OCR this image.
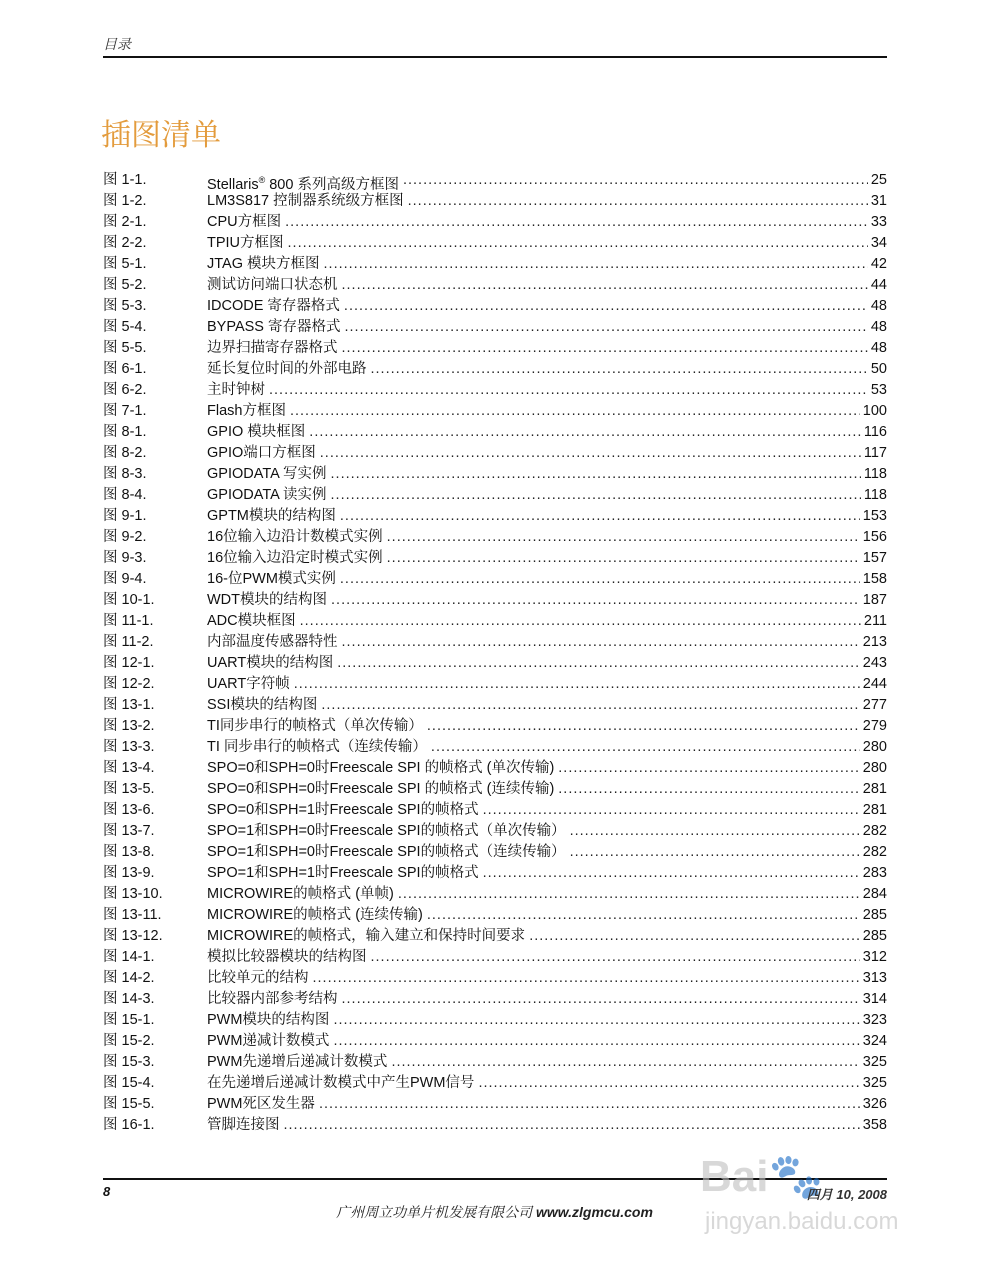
目录
插图清单
图 1-1.	Stellaris® 800 系列高级方框图 .....	25
图 1-2.	LM3S817 控制器系统级方框图 .....	31
图 2-1.	CPU方框图 .....	33
图 2-2.	TPIU方框图 .....	34
图 5-1.	JTAG 模块方框图 .....	42
图 5-2.	测试访问端口状态机 .....	44
图 5-3.	IDCODE 寄存器格式 .....	48
图 5-4.	BYPASS 寄存器格式 .....	48
图 5-5.	边界扫描寄存器格式 .....	48
图 6-1.	延长复位时间的外部电路 .....	50
图 6-2.	主时钟树 .....	53
图 7-1.	Flash方框图 .....	100
图 8-1.	GPIO 模块框图 .....	116
图 8-2.	GPIO端口方框图 .....	117
图 8-3.	GPIODATA 写实例 .....	118
图 8-4.	GPIODATA 读实例 .....	118
图 9-1.	GPTM模块的结构图 .....	153
图 9-2.	16位输入边沿计数模式实例 .....	156
图 9-3.	16位输入边沿定时模式实例 .....	157
图 9-4.	16-位PWM模式实例 .....	158
图 10-1.	WDT模块的结构图 .....	187
图 11-1.	ADC模块框图 .....	211
图 11-2.	内部温度传感器特性 .....	213
图 12-1.	UART模块的结构图 .....	243
图 12-2.	UART字符帧 .....	244
图 13-1.	SSI模块的结构图 .....	277
图 13-2.	TI同步串行的帧格式（单次传输） .....	279
图 13-3.	TI 同步串行的帧格式（连续传输） .....	280
图 13-4.	SPO=0和SPH=0时Freescale SPI 的帧格式 (单次传输) .....	280
图 13-5.	SPO=0和SPH=0时Freescale SPI 的帧格式 (连续传输) .....	281
图 13-6.	SPO=0和SPH=1时Freescale SPI的帧格式 .....	281
图 13-7.	SPO=1和SPH=0时Freescale SPI的帧格式（单次传输） .....	282
图 13-8.	SPO=1和SPH=0时Freescale SPI的帧格式（连续传输） .....	282
图 13-9.	SPO=1和SPH=1时Freescale SPI的帧格式 .....	283
图 13-10.	MICROWIRE的帧格式 (单帧) .....	284
图 13-11.	MICROWIRE的帧格式 (连续传输) .....	285
图 13-12.	MICROWIRE的帧格式，输入建立和保持时间要求 .....	285
图 14-1.	模拟比较器模块的结构图 .....	312
图 14-2.	比较单元的结构 .....	313
图 14-3.	比较器内部参考结构 .....	314
图 15-1.	PWM模块的结构图 .....	323
图 15-2.	PWM递减计数模式 .....	324
图 15-3.	PWM先递增后递减计数模式 .....	325
图 15-4.	在先递增后递减计数模式中产生PWM信号 .....	325
图 15-5.	PWM死区发生器 .....	326
图 16-1.	管脚连接图 .....	358
8	Bai🐾
jingyan.baidu.com
四月 10, 2008
广州周立功单片机发展有限公司 www.zlgmcu.com
